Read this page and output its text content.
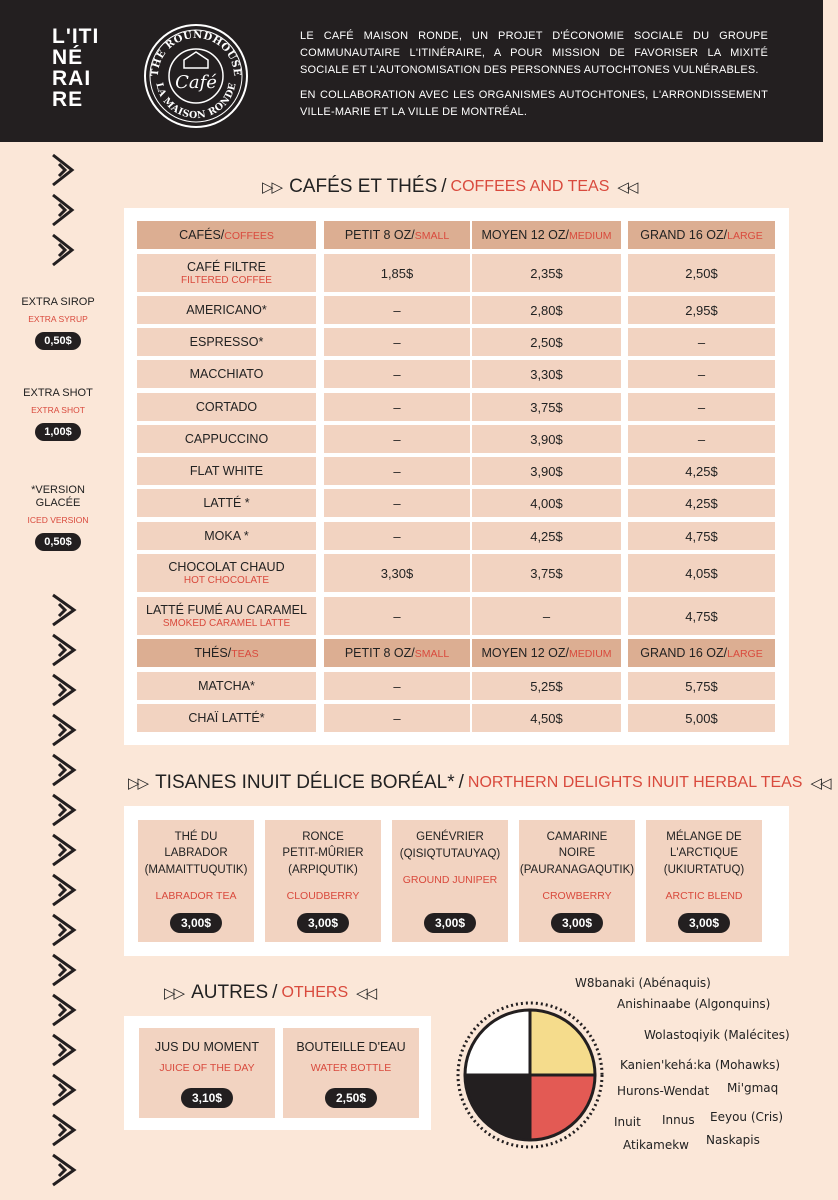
L'ITI
NÉ
RAI
RE
THE ROUNDHOUSE
LA MAISON RONDE
Café

LE CAFÉ MAISON RONDE, UN PROJET D'ÉCONOMIE SOCIALE DU GROUPE COMMUNAUTAIRE L'ITINÉRAIRE, A POUR MISSION DE FAVORISER LA MIXITÉ SOCIALE ET L'AUTONOMISATION DES PERSONNES AUTOCHTONES VULNÉRABLES.

EN COLLABORATION AVEC LES ORGANISMES AUTOCHTONES, L'ARRONDISSEMENT VILLE-MARIE ET LA VILLE DE MONTRÉAL.

EXTRA SIROP
EXTRA SYRUP
0,50$
EXTRA SHOT
EXTRA SHOT
1,00$
*VERSION GLACÉE
ICED VERSION
0,50$
▷▷ CAFÉS ET THÉS / COFFEES AND TEAS ◁◁
CAFÉS/COFFEES	PETIT 8 OZ/SMALL	MOYEN 12 OZ/MEDIUM GRAND 16 OZ/LARGE
CAFÉ FILTRE
FILTERED COFFEE	1,85$	2,35$	2,50$
AMERICANO*	–	2,80$	2,95$
ESPRESSO*	–	2,50$	–
MACCHIATO	–	3,30$	–
CORTADO	–	3,75$	–
CAPPUCCINO	–	3,90$	–
FLAT WHITE	–	3,90$	4,25$
LATTÉ *	–	4,00$	4,25$
MOKA *	–	4,25$	4,75$
CHOCOLAT CHAUD
HOT CHOCOLATE	3,30$	3,75$	4,05$
LATTÉ FUMÉ AU CARAMEL
SMOKED CARAMEL LATTE	–	–	4,75$
THÉS/TEAS	PETIT 8 OZ/SMALL	MOYEN 12 OZ/MEDIUM GRAND 16 OZ/LARGE
MATCHA*	–	5,25$	5,75$
CHAÏ LATTÉ*	–	4,50$	5,00$
▷▷ TISANES INUIT DÉLICE BORÉAL * / NORTHERN DELIGHTS INUIT HERBAL TEAS ◁◁
THÉ DU
LABRADOR
(MAMAITTUQUTIK)
LABRADOR TEA
3,00$
RONCE
PETIT-MÛRIER
(ARPIQUTIK)
CLOUDBERRY
3,00$
GENÉVRIER
(QISIQTUTAUYAQ)
GROUND JUNIPER
3,00$
CAMARINE
NOIRE
(PAURANAGAQUTIK)
CROWBERRY
3,00$
MÉLANGE DE
L'ARCTIQUE
(UKIURTATUQ)
ARCTIC BLEND
3,00$
▷▷ AUTRES / OTHERS ◁◁
JUS DU MOMENT
JUICE OF THE DAY
3,10$
BOUTEILLE D'EAU
WATER BOTTLE
2,50$
W8banaki (Abénaquis)
Anishinaabe (Algonquins)
Wolastoqiyik (Malécites)
Kanien'kehá:ka (Mohawks)
Hurons-Wendat Mi'gmaq
Eeyou (Cris)
Inuit Innus
Atikamekw Naskapis
